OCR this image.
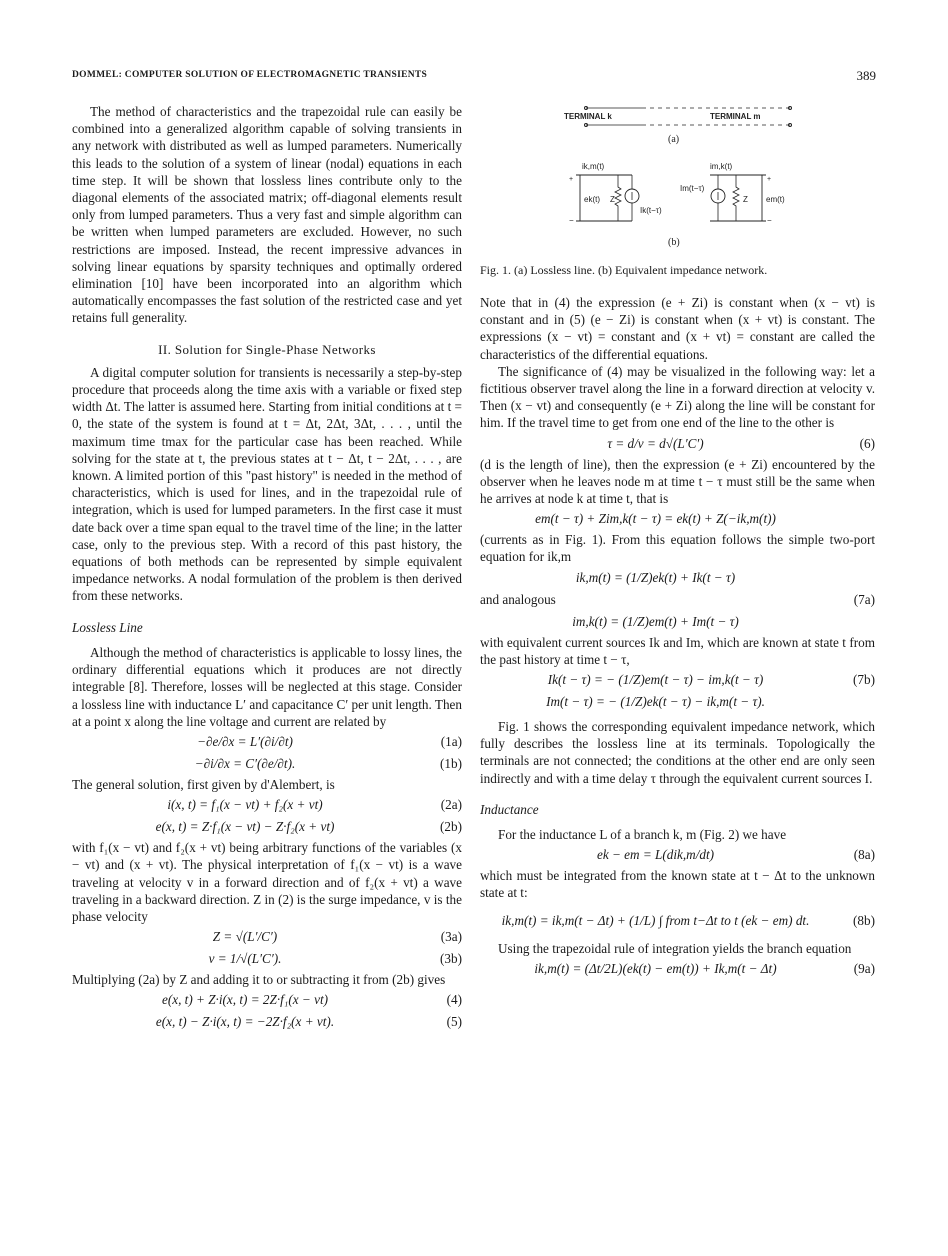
DOMMEL: COMPUTER SOLUTION OF ELECTROMAGNETIC TRANSIENTS	389

The method of characteristics and the trapezoidal rule can easily be combined into a generalized algorithm capable of solving transients in any network with distributed as well as lumped parameters. Numerically this leads to the solution of a system of linear (nodal) equations in each time step. It will be shown that lossless lines contribute only to the diagonal elements of the associated matrix; off-diagonal elements result only from lumped parameters. Thus a very fast and simple algorithm can be written when lumped parameters are excluded. However, no such restrictions are imposed. Instead, the recent impressive advances in solving linear equations by sparsity techniques and optimally ordered elimination [10] have been incorporated into an algorithm which automatically encompasses the fast solution of the restricted case and yet retains full generality.

II. Solution for Single-Phase Networks

A digital computer solution for transients is necessarily a step-by-step procedure that proceeds along the time axis with a variable or fixed step width Δt. The latter is assumed here. Starting from initial conditions at t = 0, the state of the system is found at t = Δt, 2Δt, 3Δt, . . . , until the maximum time tmax for the particular case has been reached. While solving for the state at t, the previous states at t − Δt, t − 2Δt, . . . , are known. A limited portion of this "past history" is needed in the method of characteristics, which is used for lines, and in the trapezoidal rule of integration, which is used for lumped parameters. In the first case it must date back over a time span equal to the travel time of the line; in the latter case, only to the previous step. With a record of this past history, the equations of both methods can be represented by simple equivalent impedance networks. A nodal formulation of the problem is then derived from these networks.

Lossless Line

Although the method of characteristics is applicable to lossy lines, the ordinary differential equations which it produces are not directly integrable [8]. Therefore, losses will be neglected at this stage. Consider a lossless line with inductance L′ and capacitance C′ per unit length. Then at a point x along the line voltage and current are related by

−∂e/∂x = L′(∂i/∂t)	(1a)
−∂i/∂x = C′(∂e/∂t).	(1b)

The general solution, first given by d'Alembert, is

i(x, t) = f₁(x − vt) + f₂(x + vt)	(2a)
e(x, t) = Z·f₁(x − vt) − Z·f₂(x + vt)	(2b)

with f₁(x − vt) and f₂(x + vt) being arbitrary functions of the variables (x − vt) and (x + vt). The physical interpretation of f₁(x − vt) is a wave traveling at velocity v in a forward direction and of f₂(x + vt) a wave traveling in a backward direction. Z in (2) is the surge impedance, v is the phase velocity

Z = √(L′/C′)	(3a)
v = 1/√(L′C′).	(3b)

Multiplying (2a) by Z and adding it to or subtracting it from (2b) gives

e(x, t) + Z·i(x, t) = 2Z·f₁(x − vt)	(4)
e(x, t) − Z·i(x, t) = −2Z·f₂(x + vt).	(5)
TERMINAL k	TERMINAL m
(a)
ik,m(t)
+
−
ek(t) Z
Ik(t−τ)
im,k(t)
+
−
em(t)
Im(t−τ)
Z
(b)
Fig. 1. (a) Lossless line. (b) Equivalent impedance network.

Note that in (4) the expression (e + Zi) is constant when (x − vt) is constant and in (5) (e − Zi) is constant when (x + vt) is constant. The expressions (x − vt) = constant and (x + vt) = constant are called the characteristics of the differential equations.

The significance of (4) may be visualized in the following way: let a fictitious observer travel along the line in a forward direction at velocity v. Then (x − vt) and consequently (e + Zi) along the line will be constant for him. If the travel time to get from one end of the line to the other is

τ = d/v = d√(L′C′)	(6)

(d is the length of line), then the expression (e + Zi) encountered by the observer when he leaves node m at time t − τ must still be the same when he arrives at node k at time t, that is

em(t − τ) + Zim,k(t − τ) = ek(t) + Z(−ik,m(t))

(currents as in Fig. 1). From this equation follows the simple two-port equation for ik,m

ik,m(t) = (1/Z)ek(t) + Ik(t − τ)
and analogous	(7a)
im,k(t) = (1/Z)em(t) + Im(t − τ)

with equivalent current sources Ik and Im, which are known at state t from the past history at time t − τ,

Ik(t − τ) = − (1/Z)em(t − τ) − im,k(t − τ)	(7b)
Im(t − τ) = − (1/Z)ek(t − τ) − ik,m(t − τ).

Fig. 1 shows the corresponding equivalent impedance network, which fully describes the lossless line at its terminals. Topologically the terminals are not connected; the conditions at the other end are only seen indirectly and with a time delay τ through the equivalent current sources I.

Inductance

For the inductance L of a branch k, m (Fig. 2) we have

ek − em = L(dik,m/dt)	(8a)

which must be integrated from the known state at t − Δt to the unknown state at t:

ik,m(t) = ik,m(t − Δt) + (1/L) ∫ from t−Δt to t (ek − em) dt.	(8b)

Using the trapezoidal rule of integration yields the branch equation

ik,m(t) = (Δt/2L)(ek(t) − em(t)) + Ik,m(t − Δt)	(9a)
